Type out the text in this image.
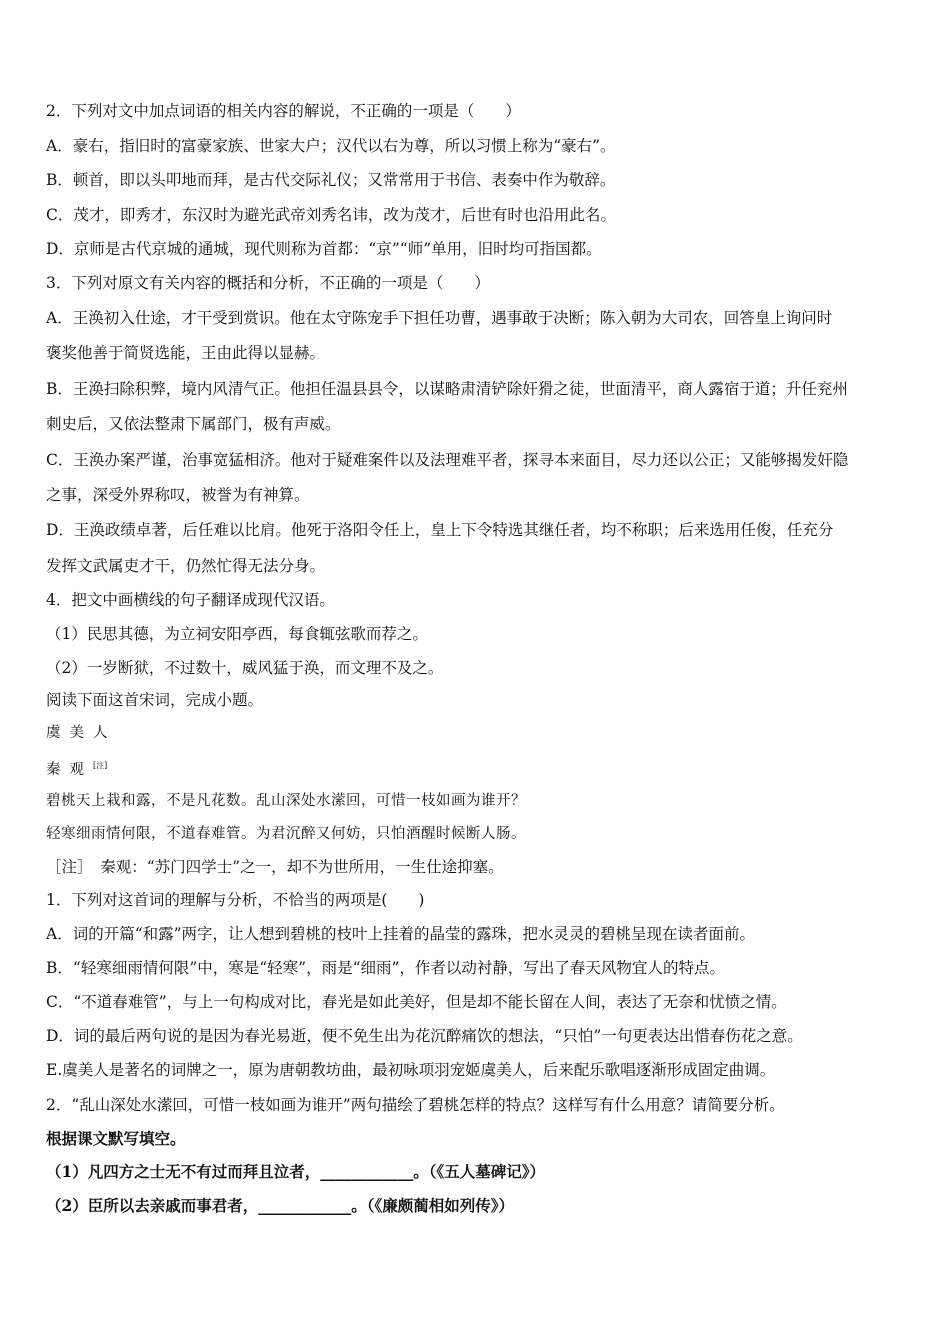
2．下列对文中加点词语的相关内容的解说，不正确的一项是（　　）
A．豪右，指旧时的富豪家族、世家大户；汉代以右为尊，所以习惯上称为“豪右”。
B．顿首，即以头叩地而拜，是古代交际礼仪；又常常用于书信、表奏中作为敬辞。
C．茂才，即秀才，东汉时为避光武帝刘秀名讳，改为茂才，后世有时也沿用此名。
D．京师是古代京城的通城，现代则称为首都：“京”“师”单用，旧时均可指国都。
3．下列对原文有关内容的概括和分析，不正确的一项是（　　）
A．王涣初入仕途，才干受到赏识。他在太守陈宠手下担任功曹，遇事敢于决断；陈入朝为大司农，回答皇上询问时
褒奖他善于简贤选能，王由此得以显赫。
B．王涣扫除积弊，境内风清气正。他担任温县县令，以谋略肃清铲除奸猾之徒，世面清平，商人露宿于道；升任兖州
刺史后，又依法整肃下属部门，极有声威。
C．王涣办案严谨，治事宽猛相济。他对于疑难案件以及法理难平者，探寻本来面目，尽力还以公正；又能够揭发奸隐
之事，深受外界称叹，被誉为有神算。
D．王涣政绩卓著，后任难以比肩。他死于洛阳令任上，皇上下令特选其继任者，均不称职；后来选用任俊，任充分
发挥文武属吏才干，仍然忙得无法分身。
4．把文中画横线的句子翻译成现代汉语。
（1）民思其德，为立祠安阳亭西，每食辄弦歌而荐之。
（2）一岁断狱，不过数十，威风猛于涣，而文理不及之。
阅读下面这首宋词，完成小题。
虞美人
秦观[注]
碧桃天上栽和露，不是凡花数。乱山深处水潆回，可惜一枝如画为谁开？
轻寒细雨情何限，不道春难管。为君沉醉又何妨，只怕酒醒时候断人肠。
［注］　秦观：“苏门四学士”之一，却不为世所用，一生仕途抑塞。
1．下列对这首词的理解与分析，不恰当的两项是(　　)
A．词的开篇“和露”两字，让人想到碧桃的枝叶上挂着的晶莹的露珠，把水灵灵的碧桃呈现在读者面前。
B．“轻寒细雨情何限”中，寒是“轻寒”，雨是“细雨”，作者以动衬静，写出了春天风物宜人的特点。
C．“不道春难管”，与上一句构成对比，春光是如此美好，但是却不能长留在人间，表达了无奈和忧愤之情。
D．词的最后两句说的是因为春光易逝，便不免生出为花沉醉痛饮的想法，“只怕”一句更表达出惜春伤花之意。
E.虞美人是著名的词牌之一，原为唐朝教坊曲，最初咏项羽宠姬虞美人，后来配乐歌唱逐渐形成固定曲调。
2．“乱山深处水潆回，可惜一枝如画为谁开”两句描绘了碧桃怎样的特点？这样写有什么用意？请简要分析。
根据课文默写填空。
（1）凡四方之士无不有过而拜且泣者，____________。（《五人墓碑记》）
（2）臣所以去亲戚而事君者，____________。（《廉颇蔺相如列传》）
